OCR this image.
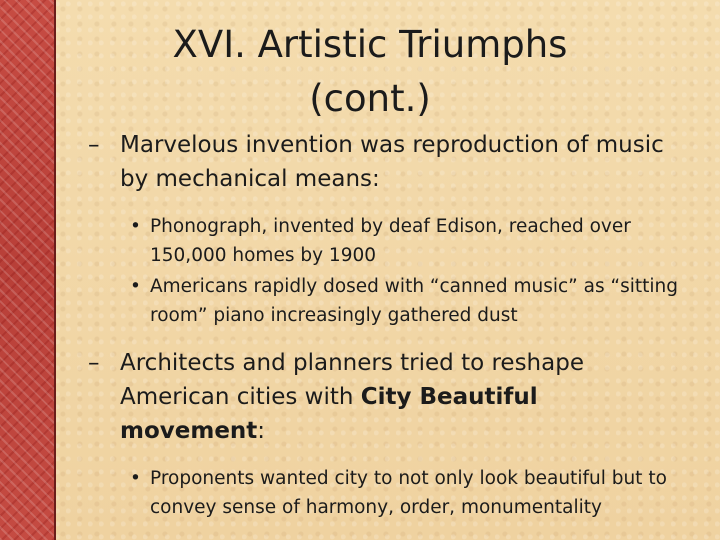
XVI. Artistic Triumphs
(cont.)
– Marvelous invention was reproduction of music by mechanical means:
• Phonograph, invented by deaf Edison, reached over 150,000 homes by 1900
• Americans rapidly dosed with “canned music” as “sitting room” piano increasingly gathered dust
– Architects and planners tried to reshape American cities with City Beautiful movement:
• Proponents wanted city to not only look beautiful but to convey sense of harmony, order, monumentality
